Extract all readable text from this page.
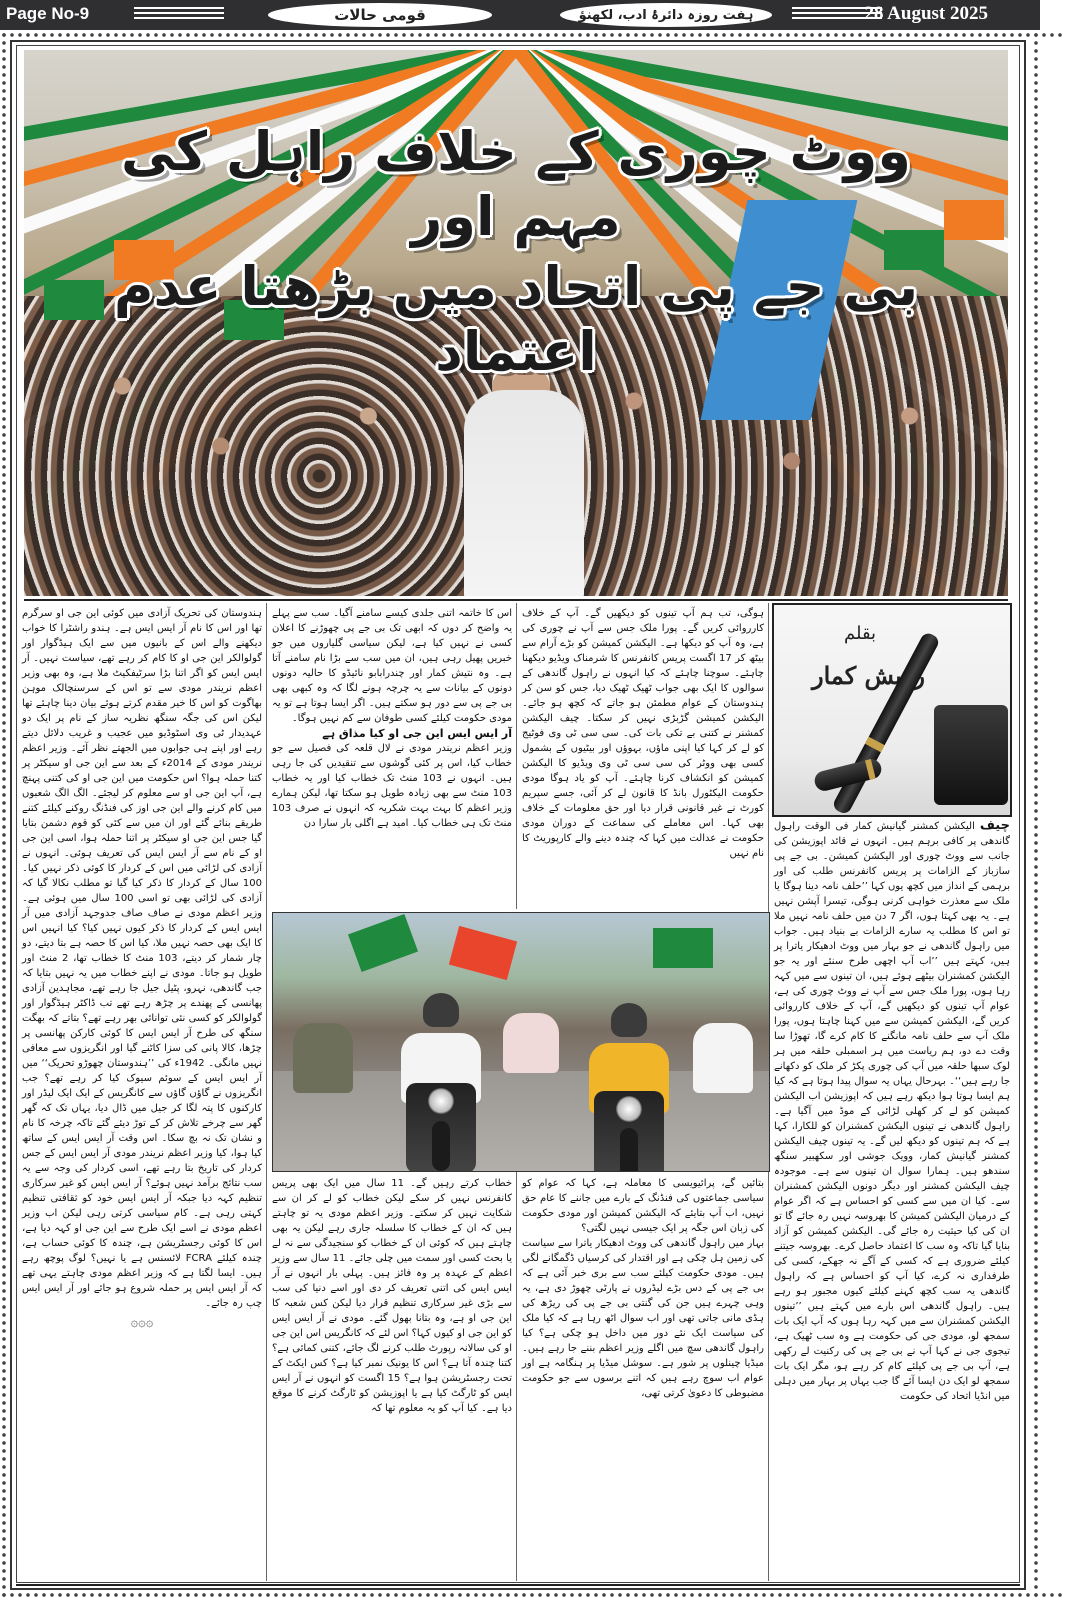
Page No-9	قومی حالات	ہفت روزہ دائرۂ ادب، لکھنؤ	28 August 2025
ووٹ چوری کے خلاف راہل کی مہم اور
بی جے پی اتحاد میں بڑھتا عدم اعتماد

ہندوستان کی تحریک آزادی میں کوئی این جی او سرگرم تھا اور اس کا نام آر ایس ایس ہے۔ ہندو راشٹرا کا خواب دیکھنے والے اس کے بانیوں میں سے ایک ہیڈگوار اور گولوالکر این جی او کا کام کر رہے تھے، سیاست نہیں۔ آر ایس ایس کو اگر اتنا بڑا سرٹیفکیٹ ملا ہے، وہ بھی وزیر اعظم نریندر مودی سے تو اس کے سرسنچالک موہن بھاگوت کو اس کا خیر مقدم کرتے ہوئے بیان دینا چاہئے تھا لیکن اس کی جگہ سنگھ نظریہ ساز کے نام پر ایک دو عہدیدار ٹی وی اسٹوڈیو میں عجیب و غریب دلائل دیتے رہے اور اپنے ہی جوابوں میں الجھتے نظر آئے۔ وزیر اعظم نریندر مودی کے 2014ء کے بعد سے این جی او سیکٹر پر کتنا حملہ ہوا؟ اس حکومت میں این جی او کی کتنی پہنچ ہے، آپ این جی او سے معلوم کر لیجئے۔ الگ الگ شعبوں میں کام کرنے والے این جی اوز کی فنڈنگ روکنے کیلئے کتنے طریقے بنائے گئے اور ان میں سے کئی کو قوم دشمن بتایا گیا جس این جی او سیکٹر پر اتنا حملہ ہوا، اسی این جی او کے نام سے آر ایس ایس کی تعریف ہوئی۔ انہوں نے آزادی کی لڑائی میں اس کے کردار کا کوئی ذکر نہیں کیا۔ 100 سال کے کردار کا ذکر کیا گیا تو مطلب نکالا گیا کہ آزادی کی لڑائی بھی تو اسی 100 سال میں ہوئی ہے۔ وزیر اعظم مودی نے صاف صاف جدوجہد آزادی میں آر ایس ایس کے کردار کا ذکر کیوں نہیں کیا؟ کیا انہیں اس کا ایک بھی حصہ نہیں ملا، کیا اس کا حصہ ہے بتا دیتے، دو چار شمار کر دیتے، 103 منٹ کا خطاب تھا، 2 منٹ اور طویل ہو جاتا۔ مودی نے اپنے خطاب میں یہ نہیں بتایا کہ جب گاندھی، نہرو، پٹیل جیل جا رہے تھے، مجاہدین آزادی پھانسی کے پھندے پر چڑھ رہے تھے تب ڈاکٹر ہیڈگوار اور گولوالکر کو کسی نئی توانائی بھر رہے تھے؟ بتاتے کہ بھگت سنگھ کی طرح آر ایس ایس کا کوئی کارکن پھانسی پر چڑھا، کالا پانی کی سزا کاٹنے گیا اور انگریزوں سے معافی نہیں مانگی۔ 1942ء کی ’’ہندوستان چھوڑو تحریک‘‘ میں آر ایس ایس کے سوئم سیوک کیا کر رہے تھے؟ جب انگریزوں نے گاؤں گاؤں سے کانگریس کے ایک ایک لیڈر اور کارکنوں کا پتہ لگا کر جیل میں ڈال دیا، یہاں تک کہ گھر گھر سے چرخے تلاش کر کے توڑ دیئے گئے تاکہ چرخہ کا نام و نشان تک نہ بچ سکا۔ اس وقت آر ایس ایس کے ساتھ کیا ہوا، کیا وزیر اعظم نریندر مودی آر ایس ایس کے جس کردار کی تاریخ بتا رہے تھے، اسی کردار کی وجہ سے یہ سب نتائج برآمد نہیں ہوئے؟ آر ایس ایس کو غیر سرکاری تنظیم کہہ دیا جبکہ آر ایس ایس خود کو ثقافتی تنظیم کہتی رہی ہے۔ کام سیاسی کرتی رہی لیکن اب وزیر اعظم مودی نے اسے ایک طرح سے این جی او کہہ دیا ہے، اس کا کوئی رجسٹریشن ہے، چندہ کا کوئی حساب ہے، چندہ کیلئے FCRA لائسنس ہے یا نہیں؟ لوگ پوچھ رہے ہیں۔ ایسا لگتا ہے کہ وزیر اعظم مودی چاہتے یہی تھے کہ آر ایس ایس پر حملہ شروع ہو جائے اور آر ایس ایس چپ رہ جائے۔

۞۞۞

اس کا خاتمہ اتنی جلدی کیسے سامنے آگیا۔ سب سے پہلے یہ واضح کر دوں کہ ابھی تک بی جے پی چھوڑنے کا اعلان کسی نے نہیں کیا ہے، لیکن سیاسی گلیاروں میں جو خبریں پھیل رہی ہیں، ان میں سب سے بڑا نام سامنے آتا ہے۔ وہ نتیش کمار اور چندرابابو نائیڈو کا حالیہ دونوں دونوں کے بیانات سے یہ چرچہ ہونے لگا کہ وہ کبھی بھی بی جے پی سے دور ہو سکتے ہیں۔ اگر ایسا ہوتا ہے تو یہ مودی حکومت کیلئے کسی طوفان سے کم نہیں ہوگا۔

آر ایس ایس این جی او کیا مذاق ہے

وزیر اعظم نریندر مودی نے لال قلعہ کی فصیل سے جو خطاب کیا، اس پر کئی گوشوں سے تنقیدیں کی جا رہی ہیں۔ انہوں نے 103 منٹ تک خطاب کیا اور یہ خطاب 103 منٹ سے بھی زیادہ طویل ہو سکتا تھا، لیکن ہمارے وزیر اعظم کا بہت بہت شکریہ کہ انہوں نے صرف 103 منٹ تک ہی خطاب کیا۔ امید ہے اگلی بار سارا دن

خطاب کرتے رہیں گے۔ 11 سال میں ایک بھی پریس کانفرنس نہیں کر سکے لیکن خطاب کو لے کر ان سے شکایت نہیں کر سکتے۔ وزیر اعظم مودی یہ تو چاہتے ہیں کہ ان کے خطاب کا سلسلہ جاری رہے لیکن یہ بھی چاہتے ہیں کہ کوئی ان کے خطاب کو سنجیدگی سے نہ لے یا بحث کسی اور سمت میں چلی جائے۔ 11 سال سے وزیر اعظم کے عہدہ پر وہ فائز ہیں۔ پہلی بار انہوں نے آر ایس ایس کی اتنی تعریف کر دی اور اسے دنیا کی سب سے بڑی غیر سرکاری تنظیم قرار دیا لیکن کس شعبہ کا این جی او ہے، وہ بتانا بھول گئے۔ مودی نے آر ایس ایس کو این جی او کیوں کہا؟ اس لئے کہ کانگریس اس این جی او کی سالانہ رپورٹ طلب کرنے لگ جائے، کتنی کمائی ہے؟ کتنا چندہ آتا ہے؟ اس کا یونیک نمبر کیا ہے؟ کس ایکٹ کے تحت رجسٹریشن ہوا ہے؟ 15 اگست کو انہوں نے آر ایس ایس کو ٹارگٹ کیا ہے یا اپوزیشن کو ٹارگٹ کرنے کا موقع دیا ہے۔ کیا آپ کو یہ معلوم تھا کہ

ہوگی، تب ہم آپ تینوں کو دیکھیں گے۔ آپ کے خلاف کارروائی کریں گے۔ پورا ملک جس سے آپ نے چوری کی ہے، وہ آپ کو دیکھا ہے۔ الیکشن کمیشن کو بڑے آرام سے بیٹھ کر 17 اگست پریس کانفرنس کا شرمناک ویڈیو دیکھنا چاہئے۔ سوچنا چاہئے کہ کیا انہوں نے راہول گاندھی کے سوالوں کا ایک بھی جواب ٹھیک ٹھیک دیا، جس کو سن کر ہندوستان کے عوام مطمئن ہو جاتے کہ کچھ ہو جائے۔ الیکشن کمیشن گڑبڑی نہیں کر سکتا۔ چیف الیکشن کمشنر نے کتنی بے تکی بات کی۔ سی سی ٹی وی فوٹیج کو لے کر کہا کیا اپنی ماؤں، بہوؤں اور بیٹیوں کے بشمول کسی بھی ووٹر کی سی سی ٹی وی ویڈیو کا الیکشن کمیشن کو انکشاف کرنا چاہئے۔ آپ کو یاد ہوگا مودی حکومت الیکٹورل بانڈ کا قانون لے کر آئی، جسے سپریم کورٹ نے غیر قانونی قرار دیا اور حق معلومات کے خلاف بھی کہا۔ اس معاملے کی سماعت کے دوران مودی حکومت نے عدالت میں کہا کہ چندہ دینے والے کارپوریٹ کا نام نہیں

بتائیں گے، پرائیویسی کا معاملہ ہے، کہا کہ عوام کو سیاسی جماعتوں کی فنڈنگ کے بارے میں جاننے کا عام حق نہیں، اب آپ بتایئے کہ الیکشن کمیشن اور مودی حکومت کی زبان اس جگہ پر ایک جیسی نہیں لگتی؟

بہار میں راہول گاندھی کی ووٹ ادھیکار یاترا سے سیاست کی زمین ہل چکی ہے اور اقتدار کی کرسیاں ڈگمگانے لگی ہیں۔ مودی حکومت کیلئے سب سے بری خبر آئی ہے کہ بی جے پی کے دس بڑے لیڈروں نے پارٹی چھوڑ دی ہے، یہ وہی چہرے ہیں جن کی گنتی بی جے پی کی ریڑھ کی ہڈی مانی جاتی تھی اور اب سوال اٹھ رہا ہے کہ کیا ملک کی سیاست ایک نئے دور میں داخل ہو چکی ہے؟ کیا راہول گاندھی سچ میں اگلے وزیر اعظم بننے جا رہے ہیں۔ میڈیا چینلوں پر شور ہے۔ سوشل میڈیا پر ہنگامہ ہے اور عوام اب سوچ رہے ہیں کہ اتنے برسوں سے جو حکومت مضبوطی کا دعویٰ کرتی تھی،

بقلم
رویش کمار

چیف الیکشن کمشنر گیانیش کمار فی الوقت راہول گاندھی پر کافی برہم ہیں۔ انہوں نے قائد اپوزیشن کی جانب سے ووٹ چوری اور الیکشن کمیشن۔ بی جے پی سازباز کے الزامات پر پریس کانفرنس طلب کی اور برہمی کے انداز میں کچھ یوں کہا ’’حلف نامہ دینا ہوگا یا ملک سے معذرت خواہی کرنی ہوگی، تیسرا آپشن نہیں ہے۔ یہ بھی کہتا ہوں، اگر 7 دن میں حلف نامہ نہیں ملا تو اس کا مطلب یہ سارے الزامات بے بنیاد ہیں۔ جواب میں راہول گاندھی نے جو بہار میں ووٹ ادھیکار یاترا پر ہیں، کہتے ہیں ’’اب آپ اچھی طرح سنئے اور یہ جو الیکشن کمشنران بیٹھے ہوئے ہیں، ان تینوں سے میں کہہ رہا ہوں، پورا ملک جس سے آپ نے ووٹ چوری کی ہے، عوام آپ تینوں کو دیکھیں گے، آپ کے خلاف کارروائی کریں گے، الیکشن کمیشن سے میں کہنا چاہتا ہوں، پورا ملک آپ سے حلف نامہ مانگنے کا کام کرے گا، تھوڑا سا وقت دے دو، ہم ریاست میں ہر اسمبلی حلقہ میں ہر لوک سبھا حلقہ میں آپ کی چوری پکڑ کر ملک کو دکھانے جا رہے ہیں‘‘۔ بہرحال یہاں یہ سوال پیدا ہوتا ہے کہ کیا ہم ایسا ہوتا ہوا دیکھ رہے ہیں کہ اپوزیشن اب الیکشن کمیشن کو لے کر کھلی لڑائی کے موڈ میں آگیا ہے۔ راہول گاندھی نے تینوں الیکشن کمشنران کو للکارا، کہا ہے کہ ہم تینوں کو دیکھ لیں گے۔ یہ تینوں چیف الیکشن کمشنر گیانیش کمار، وویک جوشی اور سکھبیر سنگھ سندھو ہیں۔ ہمارا سوال ان تینوں سے ہے۔ موجودہ چیف الیکشن کمشنر اور دیگر دونوں الیکشن کمشنران سے۔ کیا ان میں سے کسی کو احساس ہے کہ اگر عوام کے درمیان الیکشن کمیشن کا بھروسہ نہیں رہ جائے گا تو ان کی کیا حیثیت رہ جائے گی۔ الیکشن کمیشن کو آزاد بنایا گیا تاکہ وہ سب کا اعتماد حاصل کرے۔ بھروسہ جیتنے کیلئے ضروری ہے کہ کسی کے آگے نہ جھکے، کسی کی طرفداری نہ کرے، کیا آپ کو احساس ہے کہ راہول گاندھی یہ سب کچھ کہنے کیلئے کیوں مجبور ہو رہے ہیں۔ راہول گاندھی اس بارے میں کہتے ہیں ’’تینوں الیکشن کمشنران سے میں کہہ رہا ہوں کہ آپ ایک بات سمجھ لو، مودی جی کی حکومت ہے وہ سب ٹھیک ہے، تیجوی جی نے کہا آپ نے بی جے پی کی رکنیت لے رکھی ہے، آپ بی جے پی کیلئے کام کر رہے ہو، مگر ایک بات سمجھ لو ایک دن ایسا آئے گا جب یہاں پر بہار میں دہلی میں انڈیا اتحاد کی حکومت
